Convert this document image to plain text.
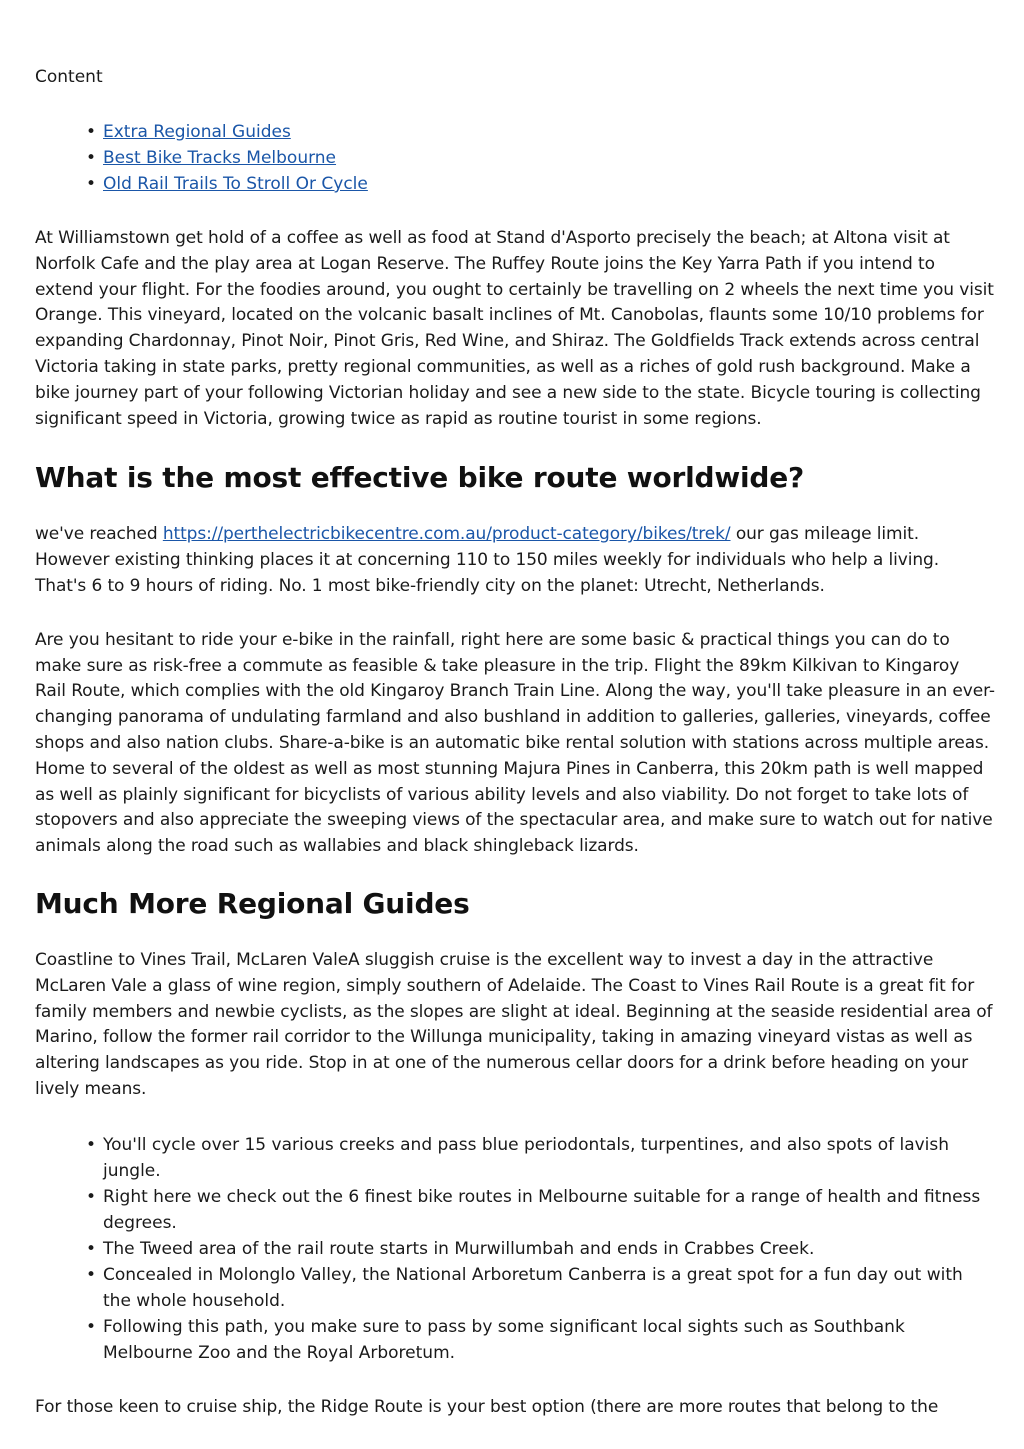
Content

• Extra Regional Guides
• Best Bike Tracks Melbourne
• Old Rail Trails To Stroll Or Cycle

At Williamstown get hold of a coffee as well as food at Stand d'Asporto precisely the beach; at Altona visit at Norfolk Cafe and the play area at Logan Reserve. The Ruffey Route joins the Key Yarra Path if you intend to extend your flight. For the foodies around, you ought to certainly be travelling on 2 wheels the next time you visit Orange. This vineyard, located on the volcanic basalt inclines of Mt. Canobolas, flaunts some 10/10 problems for expanding Chardonnay, Pinot Noir, Pinot Gris, Red Wine, and Shiraz. The Goldfields Track extends across central Victoria taking in state parks, pretty regional communities, as well as a riches of gold rush background. Make a bike journey part of your following Victorian holiday and see a new side to the state. Bicycle touring is collecting significant speed in Victoria, growing twice as rapid as routine tourist in some regions.

What is the most effective bike route worldwide?

we've reached https://perthelectricbikecentre.com.au/product-category/bikes/trek/ our gas mileage limit. However existing thinking places it at concerning 110 to 150 miles weekly for individuals who help a living. That's 6 to 9 hours of riding. No. 1 most bike-friendly city on the planet: Utrecht, Netherlands.

Are you hesitant to ride your e-bike in the rainfall, right here are some basic & practical things you can do to make sure as risk-free a commute as feasible & take pleasure in the trip. Flight the 89km Kilkivan to Kingaroy Rail Route, which complies with the old Kingaroy Branch Train Line. Along the way, you'll take pleasure in an ever-changing panorama of undulating farmland and also bushland in addition to galleries, galleries, vineyards, coffee shops and also nation clubs. Share-a-bike is an automatic bike rental solution with stations across multiple areas. Home to several of the oldest as well as most stunning Majura Pines in Canberra, this 20km path is well mapped as well as plainly significant for bicyclists of various ability levels and also viability. Do not forget to take lots of stopovers and also appreciate the sweeping views of the spectacular area, and make sure to watch out for native animals along the road such as wallabies and black shingleback lizards.

Much More Regional Guides

Coastline to Vines Trail, McLaren ValeA sluggish cruise is the excellent way to invest a day in the attractive McLaren Vale a glass of wine region, simply southern of Adelaide. The Coast to Vines Rail Route is a great fit for family members and newbie cyclists, as the slopes are slight at ideal. Beginning at the seaside residential area of Marino, follow the former rail corridor to the Willunga municipality, taking in amazing vineyard vistas as well as altering landscapes as you ride. Stop in at one of the numerous cellar doors for a drink before heading on your lively means.

• You'll cycle over 15 various creeks and pass blue periodontals, turpentines, and also spots of lavish jungle.
• Right here we check out the 6 finest bike routes in Melbourne suitable for a range of health and fitness degrees.
• The Tweed area of the rail route starts in Murwillumbah and ends in Crabbes Creek.
• Concealed in Molonglo Valley, the National Arboretum Canberra is a great spot for a fun day out with the whole household.
• Following this path, you make sure to pass by some significant local sights such as Southbank Melbourne Zoo and the Royal Arboretum.

For those keen to cruise ship, the Ridge Route is your best option (there are more routes that belong to the
